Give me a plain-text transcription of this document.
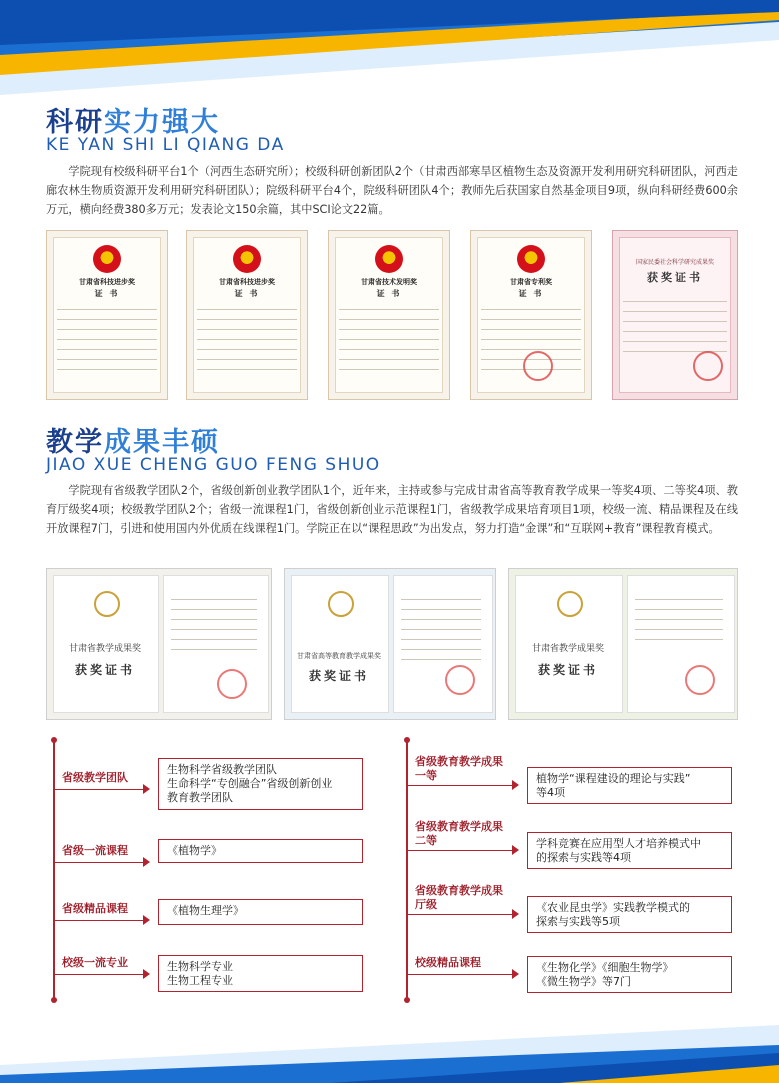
科研实力强大
KE YAN SHI LI QIANG DA
学院现有校级科研平台1个（河西生态研究所）；校级科研创新团队2个（甘肃西部寒旱区植物生态及资源开发利用研究科研团队，河西走廊农林生物质资源开发利用研究科研团队）；院级科研平台4个，院级科研团队4个；教师先后获国家自然基金项目9项，纵向科研经费600余万元，横向经费380多万元；发表论文150余篇，其中SCI论文22篇。
甘肃省科技进步奖
证 书
甘肃省科技进步奖
证 书
甘肃省技术发明奖
证 书
甘肃省专利奖
证 书
国家民委社会科学研究成果奖
获奖证书
教学成果丰硕
JIAO XUE CHENG GUO FENG SHUO
学院现有省级教学团队2个，省级创新创业教学团队1个，近年来，主持或参与完成甘肃省高等教育教学成果一等奖4项、二等奖4项、教育厅级奖4项；校级教学团队2个；省级一流课程1门，省级创新创业示范课程1门，省级教学成果培育项目1项，校级一流、精品课程及在线开放课程7门，引进和使用国内外优质在线课程1门。学院正在以“课程思政”为出发点，努力打造“金课”和“互联网+教育”课程教育模式。
甘肃省教学成果奖
获奖证书
甘肃省高等教育教学成果奖
获奖证书
甘肃省教学成果奖
获奖证书
省级教学团队
生物科学省级教学团队
生命科学“专创融合”省级创新创业
教育教学团队
省级一流课程	《植物学》
省级精品课程	《植物生理学》
校级一流专业	生物科学专业
生物工程专业
省级教育教学成果
一等	植物学“课程建设的理论与实践”
等4项
省级教育教学成果
二等	学科竞赛在应用型人才培养模式中
的探索与实践等4项
省级教育教学成果
厅级	《农业昆虫学》实践教学模式的
探索与实践等5项
校级精品课程	《生物化学》《细胞生物学》
《微生物学》等7门
